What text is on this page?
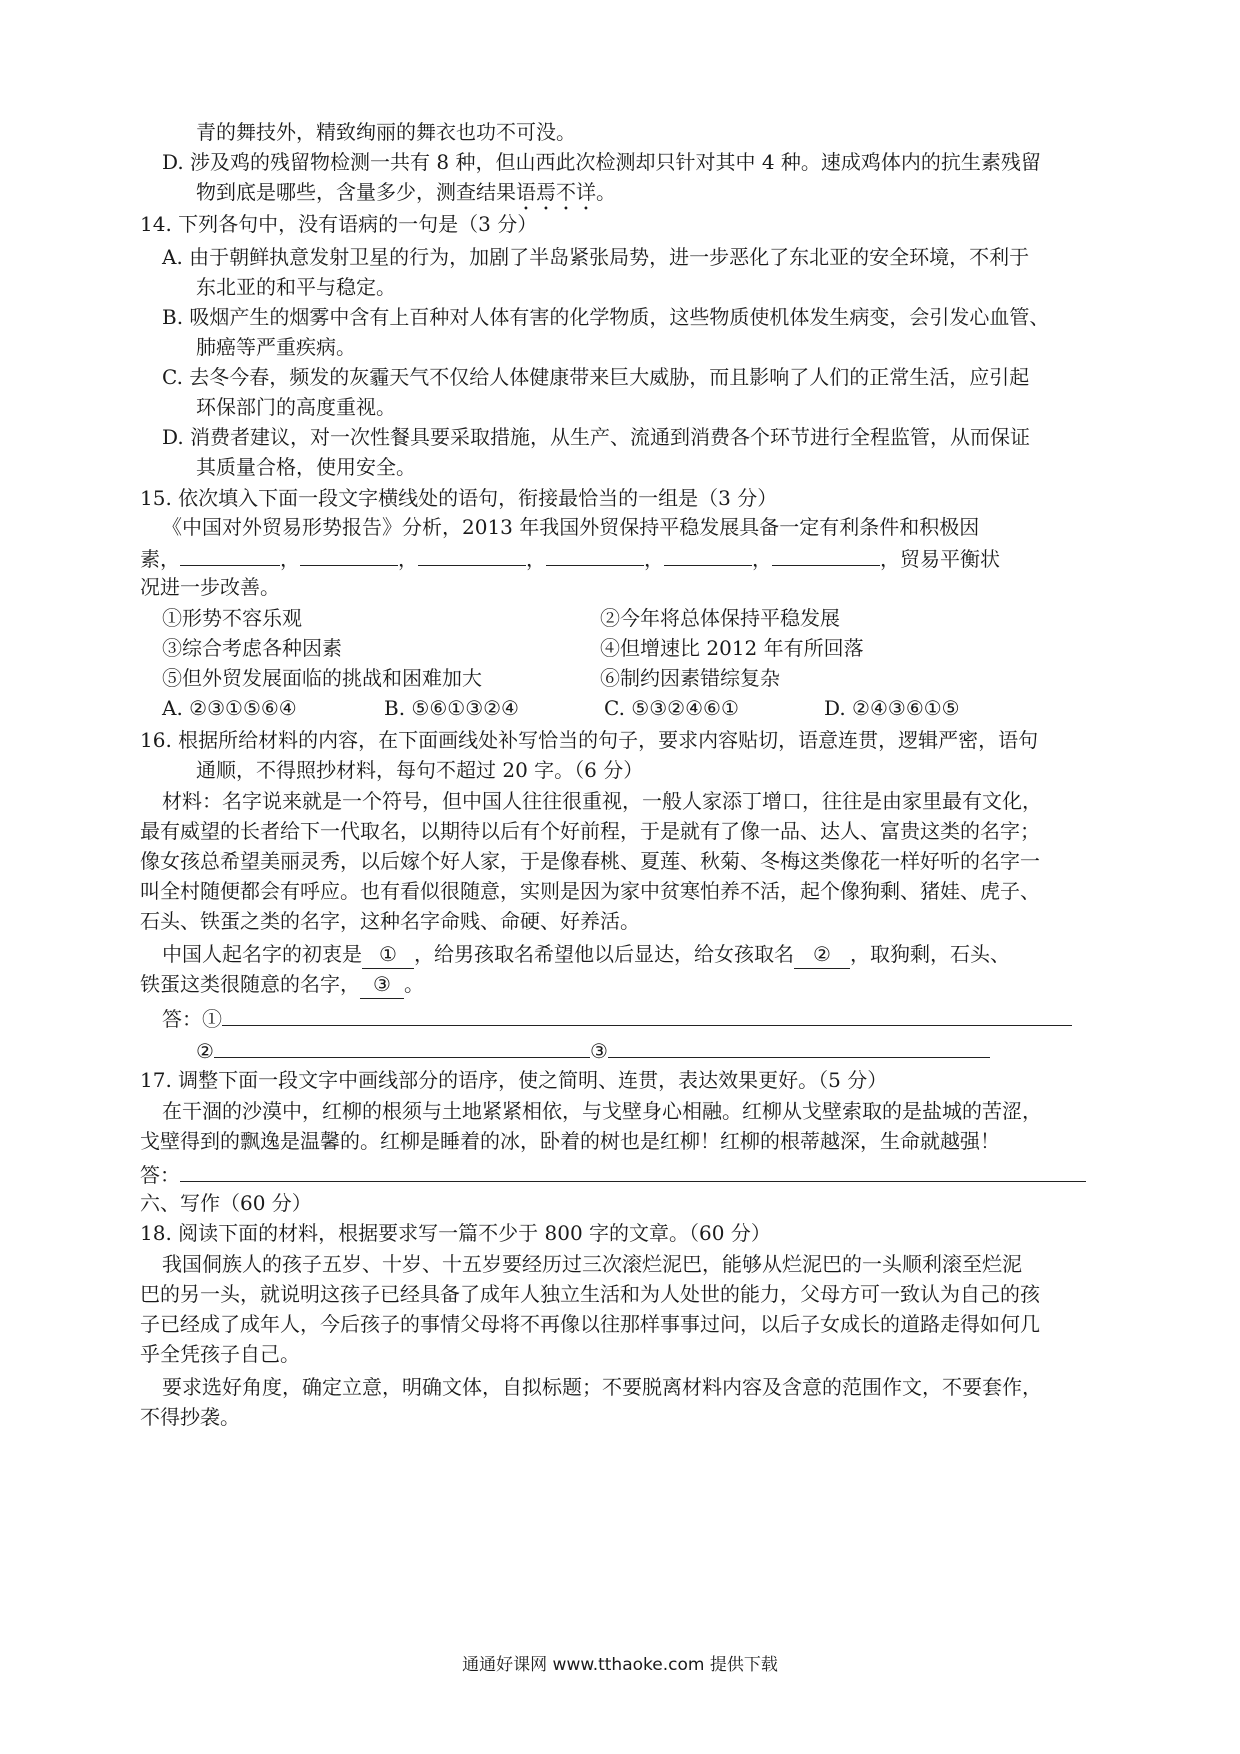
青的舞技外，精致绚丽的舞衣也功不可没。
D. 涉及鸡的残留物检测一共有 8 种，但山西此次检测却只针对其中 4 种。速成鸡体内的抗生素残留
物到底是哪些，含量多少，测查结果语焉不详。
14. 下列各句中，没有语病的一句是（3 分）
A. 由于朝鲜执意发射卫星的行为，加剧了半岛紧张局势，进一步恶化了东北亚的安全环境，不利于
东北亚的和平与稳定。
B. 吸烟产生的烟雾中含有上百种对人体有害的化学物质，这些物质使机体发生病变，会引发心血管、
肺癌等严重疾病。
C. 去冬今春，频发的灰霾天气不仅给人体健康带来巨大威胁，而且影响了人们的正常生活，应引起
环保部门的高度重视。
D. 消费者建议，对一次性餐具要采取措施，从生产、流通到消费各个环节进行全程监管，从而保证
其质量合格，使用安全。
15. 依次填入下面一段文字横线处的语句，衔接最恰当的一组是（3 分）
《中国对外贸易形势报告》分析，2013 年我国外贸保持平稳发展具备一定有利条件和积极因
素，	，	，	，	，	，	，贸易平衡状
况进一步改善。
①形势不容乐观	②今年将总体保持平稳发展
③综合考虑各种因素	④但增速比 2012 年有所回落
⑤但外贸发展面临的挑战和困难加大	⑥制约因素错综复杂
A. ②③①⑤⑥④	B. ⑤⑥①③②④	C. ⑤③②④⑥①	D. ②④③⑥①⑤
16. 根据所给材料的内容，在下面画线处补写恰当的句子，要求内容贴切，语意连贯，逻辑严密，语句
通顺，不得照抄材料，每句不超过 20 字。（6 分）
材料：名字说来就是一个符号，但中国人往往很重视，一般人家添丁增口，往往是由家里最有文化，
最有威望的长者给下一代取名，以期待以后有个好前程，于是就有了像一品、达人、富贵这类的名字；
像女孩总希望美丽灵秀，以后嫁个好人家，于是像春桃、夏莲、秋菊、冬梅这类像花一样好听的名字一
叫全村随便都会有呼应。也有看似很随意，实则是因为家中贫寒怕养不活，起个像狗剩、猪娃、虎子、
石头、铁蛋之类的名字，这种名字命贱、命硬、好养活。
中国人起名字的初衷是 ① ，给男孩取名希望他以后显达，给女孩取名 ② ，取狗剩，石头、
铁蛋这类很随意的名字， ③ 。
答：①
②	③
17. 调整下面一段文字中画线部分的语序，使之简明、连贯，表达效果更好。（5 分）
在干涸的沙漠中，红柳的根须与土地紧紧相依，与戈壁身心相融。红柳从戈壁索取的是盐城的苦涩，
戈壁得到的飘逸是温馨的。红柳是睡着的冰，卧着的树也是红柳！红柳的根蒂越深，生命就越强！
答：
六、写作（60 分）
18. 阅读下面的材料，根据要求写一篇不少于 800 字的文章。（60 分）
我国侗族人的孩子五岁、十岁、十五岁要经历过三次滚烂泥巴，能够从烂泥巴的一头顺利滚至烂泥
巴的另一头，就说明这孩子已经具备了成年人独立生活和为人处世的能力，父母方可一致认为自己的孩
子已经成了成年人，今后孩子的事情父母将不再像以往那样事事过问，以后子女成长的道路走得如何几
乎全凭孩子自己。
要求选好角度，确定立意，明确文体，自拟标题；不要脱离材料内容及含意的范围作文，不要套作，
不得抄袭。
通通好课网 www.tthaoke.com 提供下载
